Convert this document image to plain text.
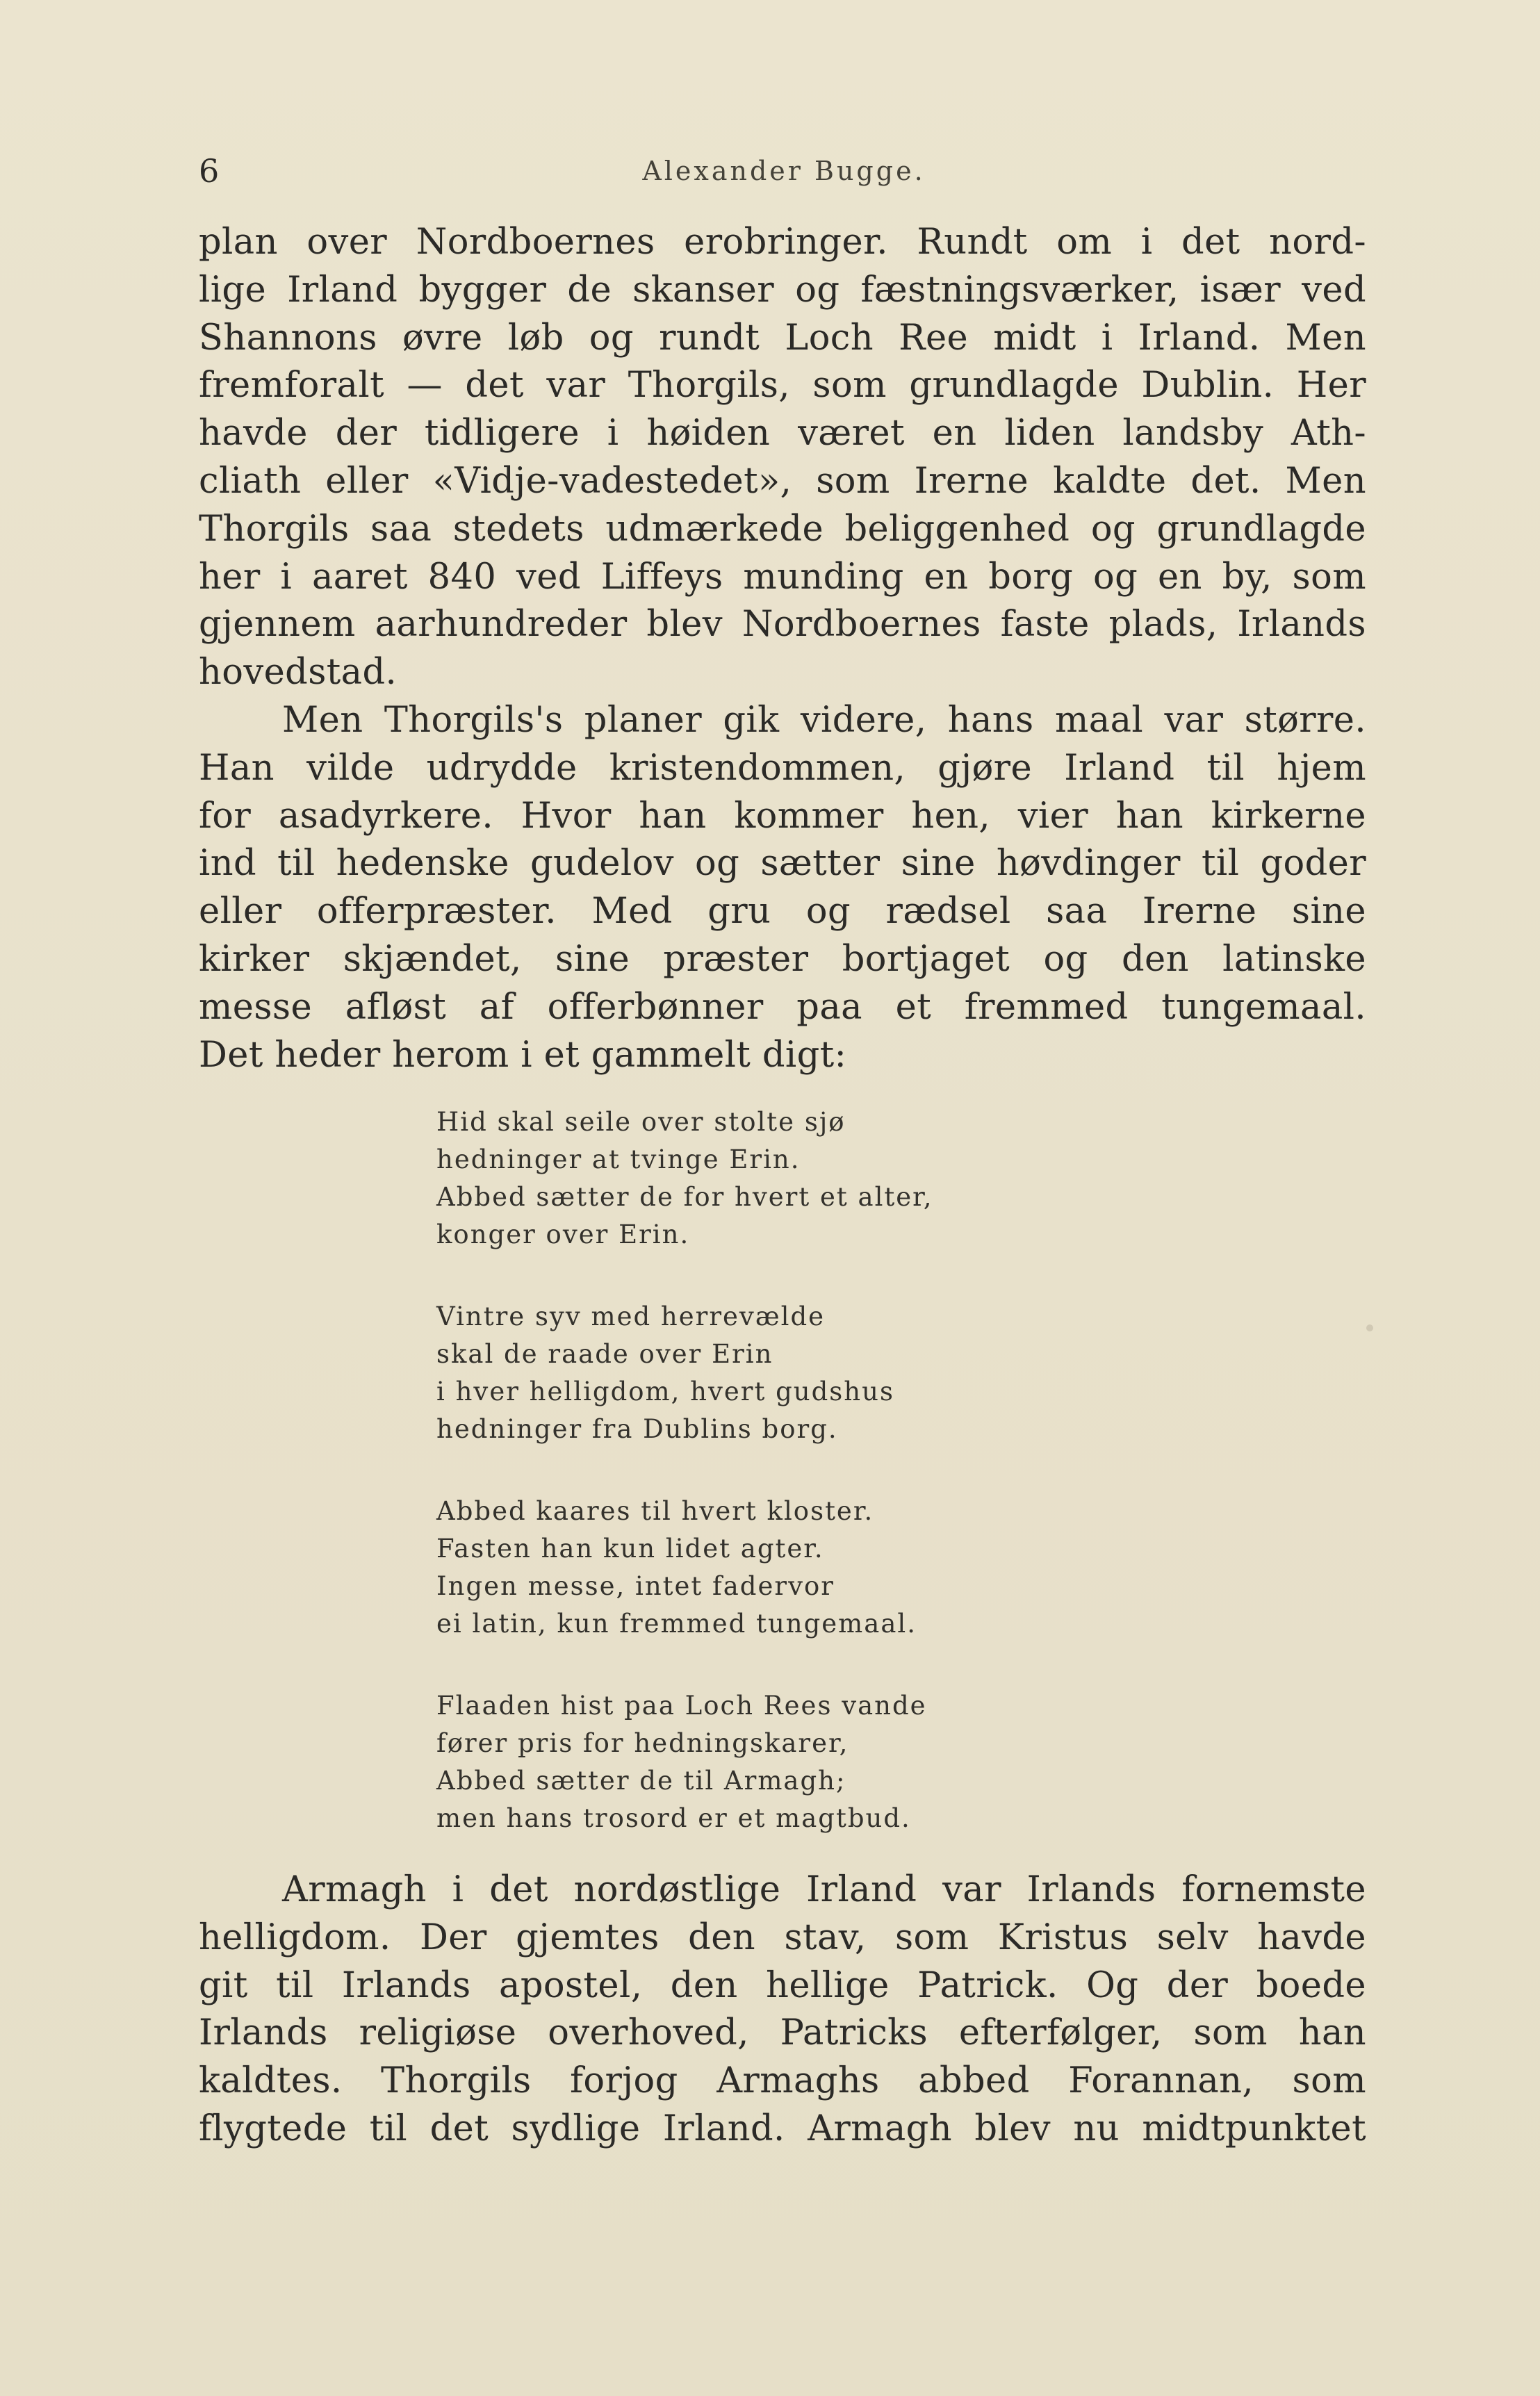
6	Alexander Bugge.
plan over Nordboernes erobringer. Rundt om i det nord-
lige Irland bygger de skanser og fæstningsværker, især ved
Shannons øvre løb og rundt Loch Ree midt i Irland. Men
fremforalt — det var Thorgils, som grundlagde Dublin. Her
havde der tidligere i høiden været en liden landsby Ath-
cliath eller «Vidje-vadestedet», som Irerne kaldte det. Men
Thorgils saa stedets udmærkede beliggenhed og grundlagde
her i aaret 840 ved Liffeys munding en borg og en by, som
gjennem aarhundreder blev Nordboernes faste plads, Irlands
hovedstad.
Men Thorgils's planer gik videre, hans maal var større.
Han vilde udrydde kristendommen, gjøre Irland til hjem
for asadyrkere. Hvor han kommer hen, vier han kirkerne
ind til hedenske gudelov og sætter sine høvdinger til goder
eller offerpræster. Med gru og rædsel saa Irerne sine
kirker skjændet, sine præster bortjaget og den latinske
messe afløst af offerbønner paa et fremmed tungemaal.
Det heder herom i et gammelt digt:
Hid skal seile over stolte sjø
hedninger at tvinge Erin.
Abbed sætter de for hvert et alter,
konger over Erin.
Vintre syv med herrevælde
skal de raade over Erin
i hver helligdom, hvert gudshus
hedninger fra Dublins borg.
Abbed kaares til hvert kloster.
Fasten han kun lidet agter.
Ingen messe, intet fadervor
ei latin, kun fremmed tungemaal.
Flaaden hist paa Loch Rees vande
fører pris for hedningskarer,
Abbed sætter de til Armagh;
men hans trosord er et magtbud.
Armagh i det nordøstlige Irland var Irlands fornemste
helligdom. Der gjemtes den stav, som Kristus selv havde
git til Irlands apostel, den hellige Patrick. Og der boede
Irlands religiøse overhoved, Patricks efterfølger, som han
kaldtes. Thorgils forjog Armaghs abbed Forannan, som
flygtede til det sydlige Irland. Armagh blev nu midtpunktet
